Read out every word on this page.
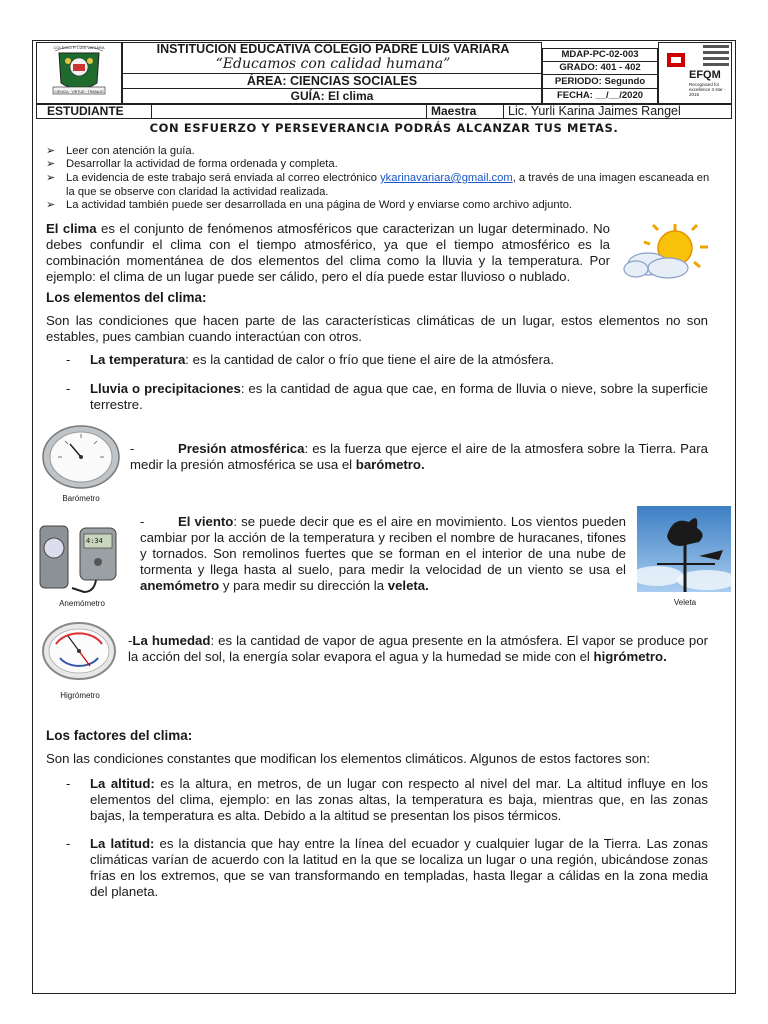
COLEGIO P. LUIS VARIARA
CIENCIA · VIRTUD · TRABAJO
INSTITUCION EDUCATIVA COLEGIO PADRE LUIS VARIARA
“Educamos con calidad humana”
ÁREA: CIENCIAS SOCIALES
GUÍA: El clima
MDAP-PC-02-003
GRADO: 401 - 402
PERIODO: Segundo
FECHA: __/__/2020
EFQM
Recognised for excellence 3 star - 2015
ESTUDIANTE	Maestra	Lic. Yurli Karina Jaimes Rangel
CON ESFUERZO Y PERSEVERANCIA PODRÁS ALCANZAR TUS METAS.
➢ Leer con atención la guía.
➢ Desarrollar la actividad de forma ordenada y completa.
➢ La evidencia de este trabajo será enviada al correo electrónico ykarinavariara@gmail.com, a través de una imagen escaneada en la que se observe con claridad la actividad realizada.
➢ La actividad también puede ser desarrollada en una página de Word y enviarse como archivo adjunto.
El clima es el conjunto de fenómenos atmosféricos que caracterizan un lugar determinado. No debes confundir el clima con el tiempo atmosférico, ya que el tiempo atmosférico es la combinación momentánea de dos elementos del clima como la lluvia y la temperatura. Por ejemplo: el clima de un lugar puede ser cálido, pero el día puede estar lluvioso o nublado.
Los elementos del clima:
Son las condiciones que hacen parte de las características climáticas de un lugar, estos elementos no son estables, pues cambian cuando interactúan con otros.
- La temperatura: es la cantidad de calor o frío que tiene el aire de la atmósfera.
- Lluvia o precipitaciones: es la cantidad de agua que cae, en forma de lluvia o nieve, sobre la superficie terrestre.
Barómetro
-	Presión atmosférica: es la fuerza que ejerce el aire de la atmosfera sobre la Tierra. Para medir la presión atmosférica se usa el barómetro.
4:34
Anemómetro
-	El viento: se puede decir que es el aire en movimiento. Los vientos pueden cambiar por la acción de la temperatura y reciben el nombre de huracanes, tifones y tornados. Son remolinos fuertes que se forman en el interior de una nube de tormenta y llega hasta al suelo, para medir la velocidad de un viento se usa el anemómetro y para medir su dirección la veleta.
Veleta
Higrómetro
-La humedad: es la cantidad de vapor de agua presente en la atmósfera. El vapor se produce por la acción del sol, la energía solar evapora el agua y la humedad se mide con el higrómetro.
Los factores del clima:
Son las condiciones constantes que modifican los elementos climáticos. Algunos de estos factores son:
- La altitud: es la altura, en metros, de un lugar con respecto al nivel del mar. La altitud influye en los elementos del clima, ejemplo: en las zonas altas, la temperatura es baja, mientras que, en las zonas bajas, la temperatura es alta. Debido a la altitud se presentan los pisos térmicos.
- La latitud: es la distancia que hay entre la línea del ecuador y cualquier lugar de la Tierra. Las zonas climáticas varían de acuerdo con la latitud en la que se localiza un lugar o una región, ubicándose zonas frías en los extremos, que se van transformando en templadas, hasta llegar a cálidas en la zona media del planeta.
